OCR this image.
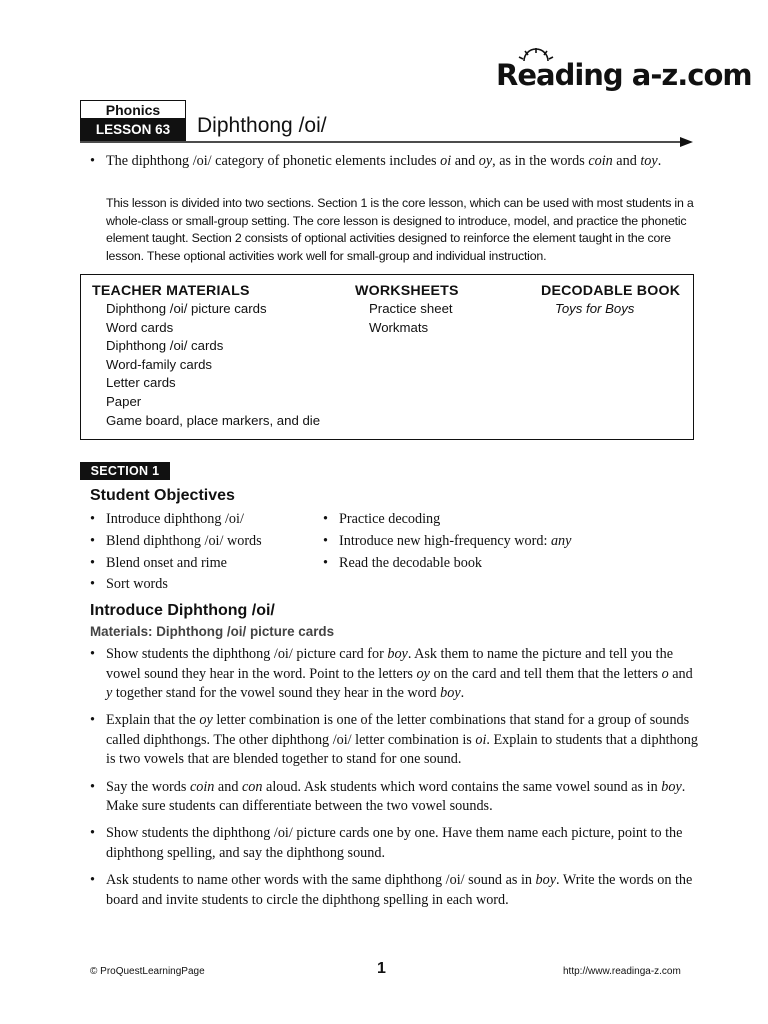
Reading a-z.com
Phonics
LESSON 63	Diphthong /oi/
• The diphthong /oi/ category of phonetic elements includes oi and oy, as in the words coin and toy.
This lesson is divided into two sections. Section 1 is the core lesson, which can be used with most students in a whole-class or small-group setting. The core lesson is designed to introduce, model, and practice the phonetic element taught. Section 2 consists of optional activities designed to reinforce the element taught in the core lesson. These optional activities work well for small-group and individual instruction.
TEACHER MATERIALS
Diphthong /oi/ picture cards
Word cards
Diphthong /oi/ cards
Word-family cards
Letter cards
Paper
Game board, place markers, and die
WORKSHEETS
Practice sheet
Workmats
DECODABLE BOOK
Toys for Boys
SECTION 1
Student Objectives
• Introduce diphthong /oi/
• Blend diphthong /oi/ words
• Blend onset and rime
• Sort words
• Practice decoding
• Introduce new high-frequency word: any
• Read the decodable book
Introduce Diphthong /oi/
Materials: Diphthong /oi/ picture cards
• Show students the diphthong /oi/ picture card for boy. Ask them to name the picture and tell you the vowel sound they hear in the word. Point to the letters oy on the card and tell them that the letters o and y together stand for the vowel sound they hear in the word boy.
• Explain that the oy letter combination is one of the letter combinations that stand for a group of sounds called diphthongs. The other diphthong /oi/ letter combination is oi. Explain to students that a diphthong is two vowels that are blended together to stand for one sound.
• Say the words coin and con aloud. Ask students which word contains the same vowel sound as in boy. Make sure students can differentiate between the two vowel sounds.
• Show students the diphthong /oi/ picture cards one by one. Have them name each picture, point to the diphthong spelling, and say the diphthong sound.
• Ask students to name other words with the same diphthong /oi/ sound as in boy. Write the words on the board and invite students to circle the diphthong spelling in each word.
© ProQuestLearningPage	1	http://www.readinga-z.com
